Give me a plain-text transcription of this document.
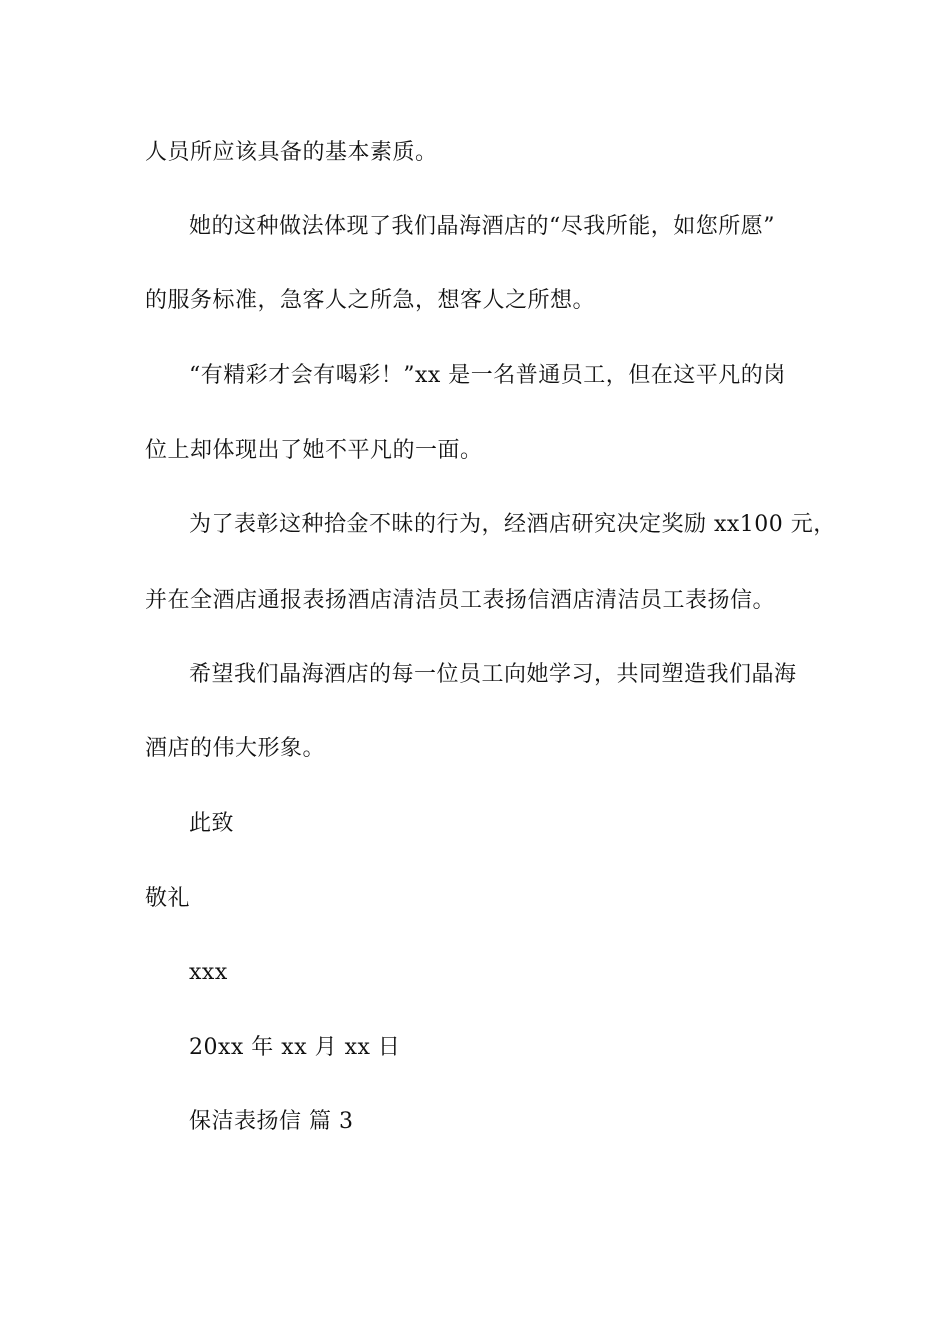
人员所应该具备的基本素质。
她的这种做法体现了我们晶海酒店的“尽我所能，如您所愿”
的服务标准，急客人之所急，想客人之所想。
“有精彩才会有喝彩！”xx 是一名普通员工，但在这平凡的岗
位上却体现出了她不平凡的一面。
为了表彰这种拾金不昧的行为，经酒店研究决定奖励 xx100 元，
并在全酒店通报表扬酒店清洁员工表扬信酒店清洁员工表扬信。
希望我们晶海酒店的每一位员工向她学习，共同塑造我们晶海
酒店的伟大形象。
此致
敬礼
xxx
20xx 年 xx 月 xx 日
保洁表扬信 篇 3
